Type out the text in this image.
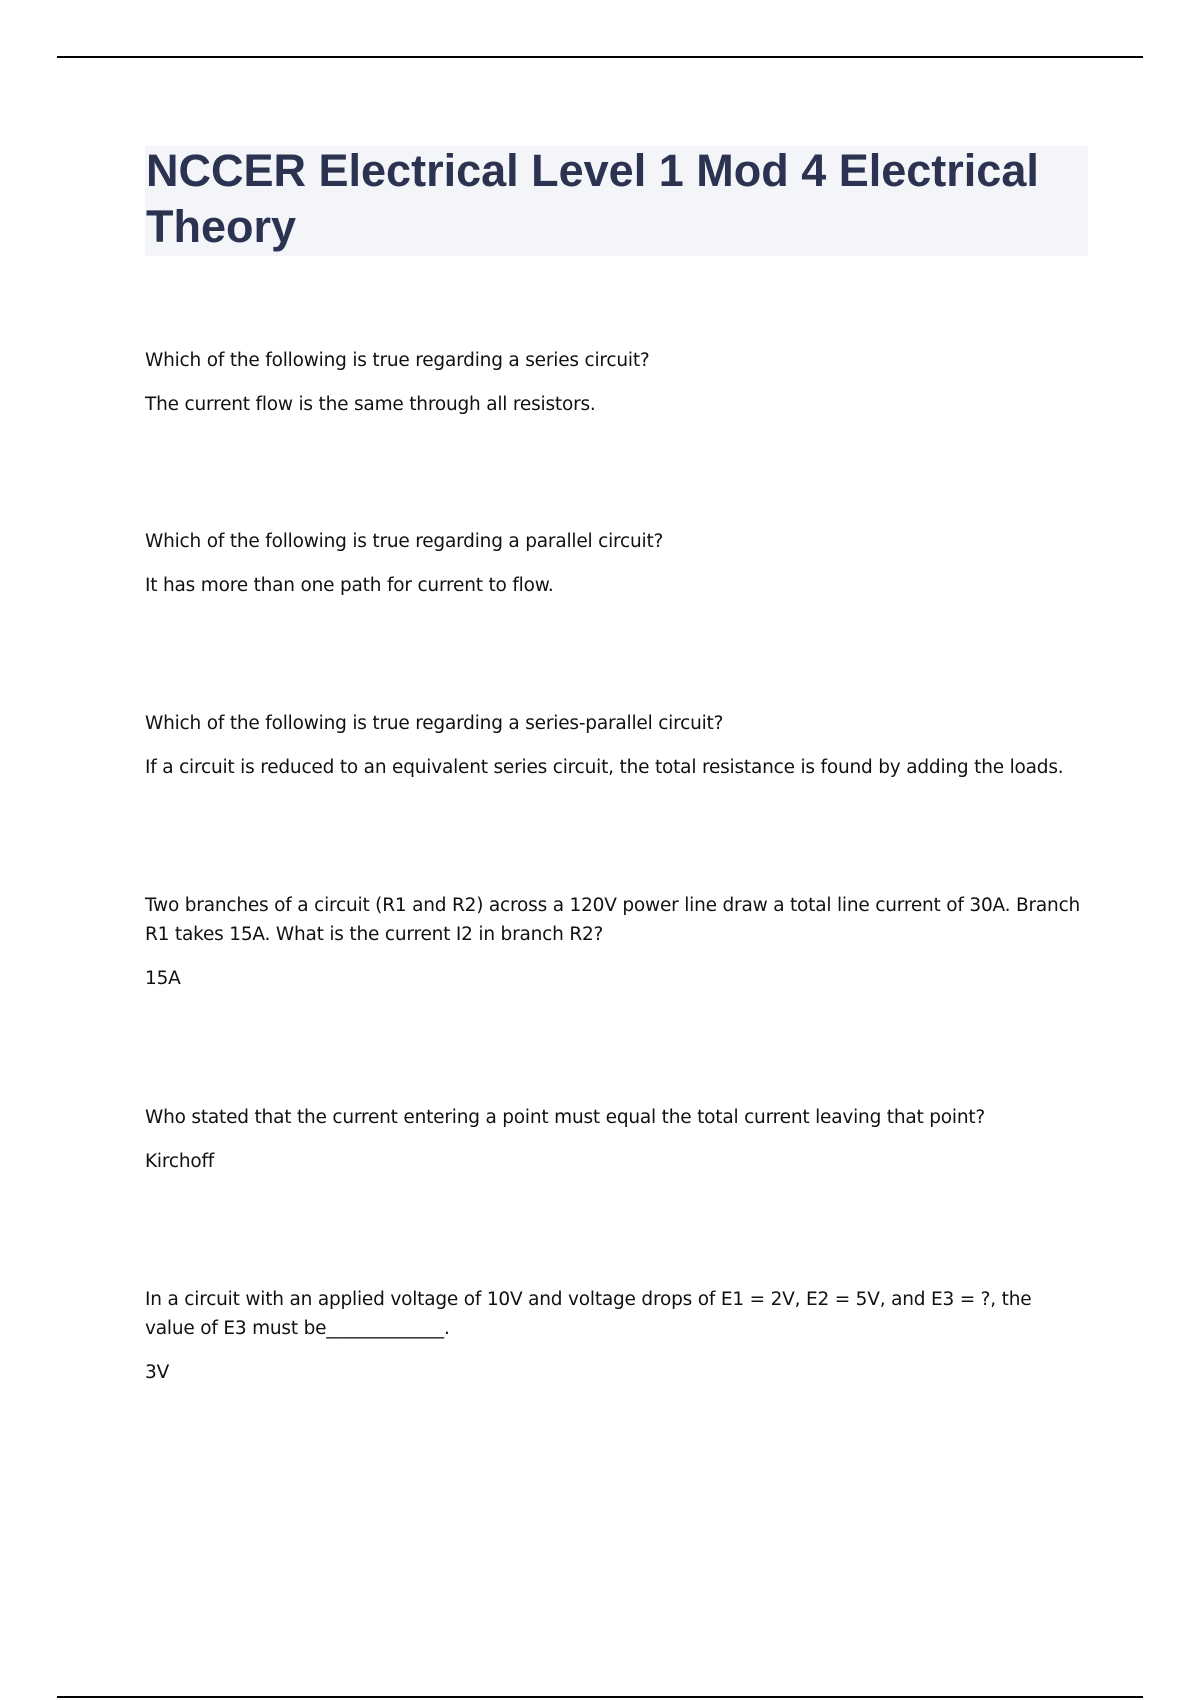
NCCER Electrical Level 1 Mod 4 Electrical Theory

Which of the following is true regarding a series circuit?

The current flow is the same through all resistors.

Which of the following is true regarding a parallel circuit?

It has more than one path for current to flow.

Which of the following is true regarding a series-parallel circuit?

If a circuit is reduced to an equivalent series circuit, the total resistance is found by adding the loads.

Two branches of a circuit (R1 and R2) across a 120V power line draw a total line current of 30A. Branch R1 takes 15A. What is the current I2 in branch R2?

15A

Who stated that the current entering a point must equal the total current leaving that point?

Kirchoff

In a circuit with an applied voltage of 10V and voltage drops of E1 = 2V, E2 = 5V, and E3 = ?, the value of E3 must be_____________.

3V
